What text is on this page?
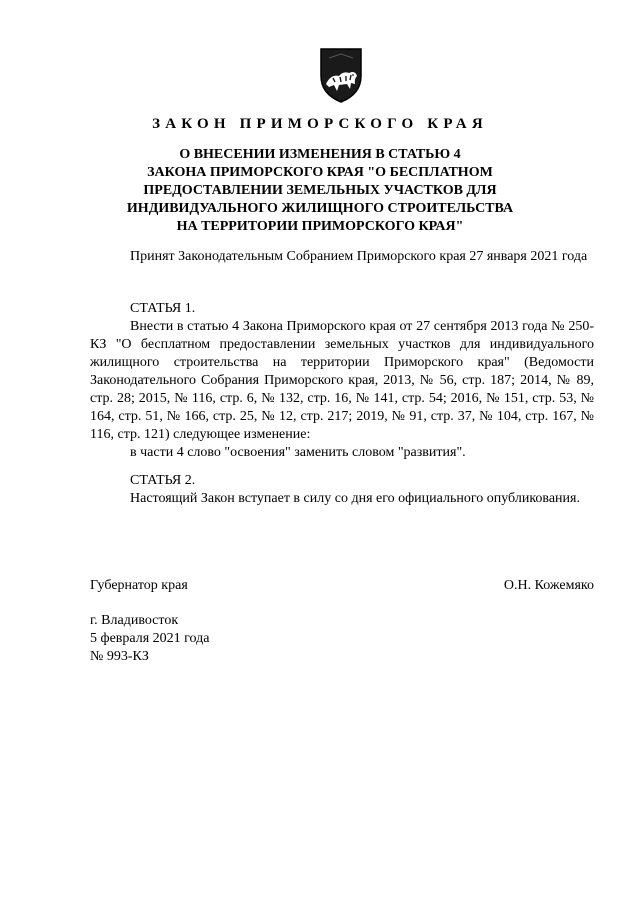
ЗАКОН ПРИМОРСКОГО КРАЯ
О ВНЕСЕНИИ ИЗМЕНЕНИЯ В СТАТЬЮ 4
ЗАКОНА ПРИМОРСКОГО КРАЯ "О БЕСПЛАТНОМ
ПРЕДОСТАВЛЕНИИ ЗЕМЕЛЬНЫХ УЧАСТКОВ ДЛЯ
ИНДИВИДУАЛЬНОГО ЖИЛИЩНОГО СТРОИТЕЛЬСТВА
НА ТЕРРИТОРИИ ПРИМОРСКОГО КРАЯ"
Принят Законодательным Собранием Приморского края 27 января 2021 года
СТАТЬЯ 1.
Внести в статью 4 Закона Приморского края от 27 сентября 2013 года № 250-КЗ "О бесплатном предоставлении земельных участков для индивидуального жилищного строительства на территории Приморского края" (Ведомости Законодательного Собрания Приморского края, 2013, № 56, стр. 187; 2014, № 89, стр. 28; 2015, № 116, стр. 6, № 132, стр. 16, № 141, стр. 54; 2016, № 151, стр. 53, № 164, стр. 51, № 166, стр. 25, № 12, стр. 217; 2019, № 91, стр. 37, № 104, стр. 167, № 116, стр. 121) следующее изменение:
в части 4 слово "освоения" заменить словом "развития".
СТАТЬЯ 2.
Настоящий Закон вступает в силу со дня его официального опубликования.
Губернатор края	О.Н. Кожемяко
г. Владивосток
5 февраля 2021 года
№ 993-КЗ
